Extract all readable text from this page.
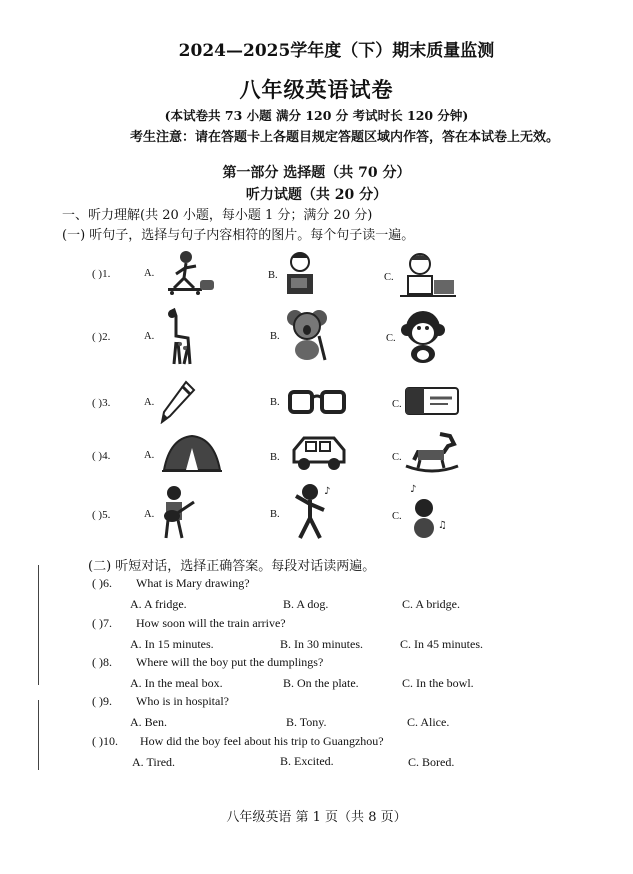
2024—2025学年度（下）期末质量监测
八年级英语试卷
(本试卷共 73 小题 满分 120 分 考试时长 120 分钟)
考生注意：请在答题卡上各题目规定答题区域内作答，答在本试卷上无效。
第一部分 选择题（共 70 分）
听力试题（共 20 分）
一、听力理解(共 20 小题，每小题 1 分；满分 20 分)
(一) 听句子，选择与句子内容相符的图片。每个句子读一遍。
( )1.	A.	B.	C.
( )2.	A.	B.	C.
( )3.	A.	B.	C.
( )4.	A.	B.	C.
( )5.	A.	B.	C.
♪	♪
♫
(二) 听短对话，选择正确答案。每段对话读两遍。
( )6. What is Mary drawing?
A. A fridge.	B. A dog.	C. A bridge.
( )7. How soon will the train arrive?
A. In 15 minutes.	B. In 30 minutes.	C. In 45 minutes.
( )8. Where will the boy put the dumplings?
A. In the meal box.	B. On the plate.	C. In the bowl.
( )9. Who is in hospital?
A. Ben.	B. Tony.	C. Alice.
( )10. How did the boy feel about his trip to Guangzhou?
A. Tired.	B. Excited.	C. Bored.
八年级英语 第 1 页（共 8 页）
